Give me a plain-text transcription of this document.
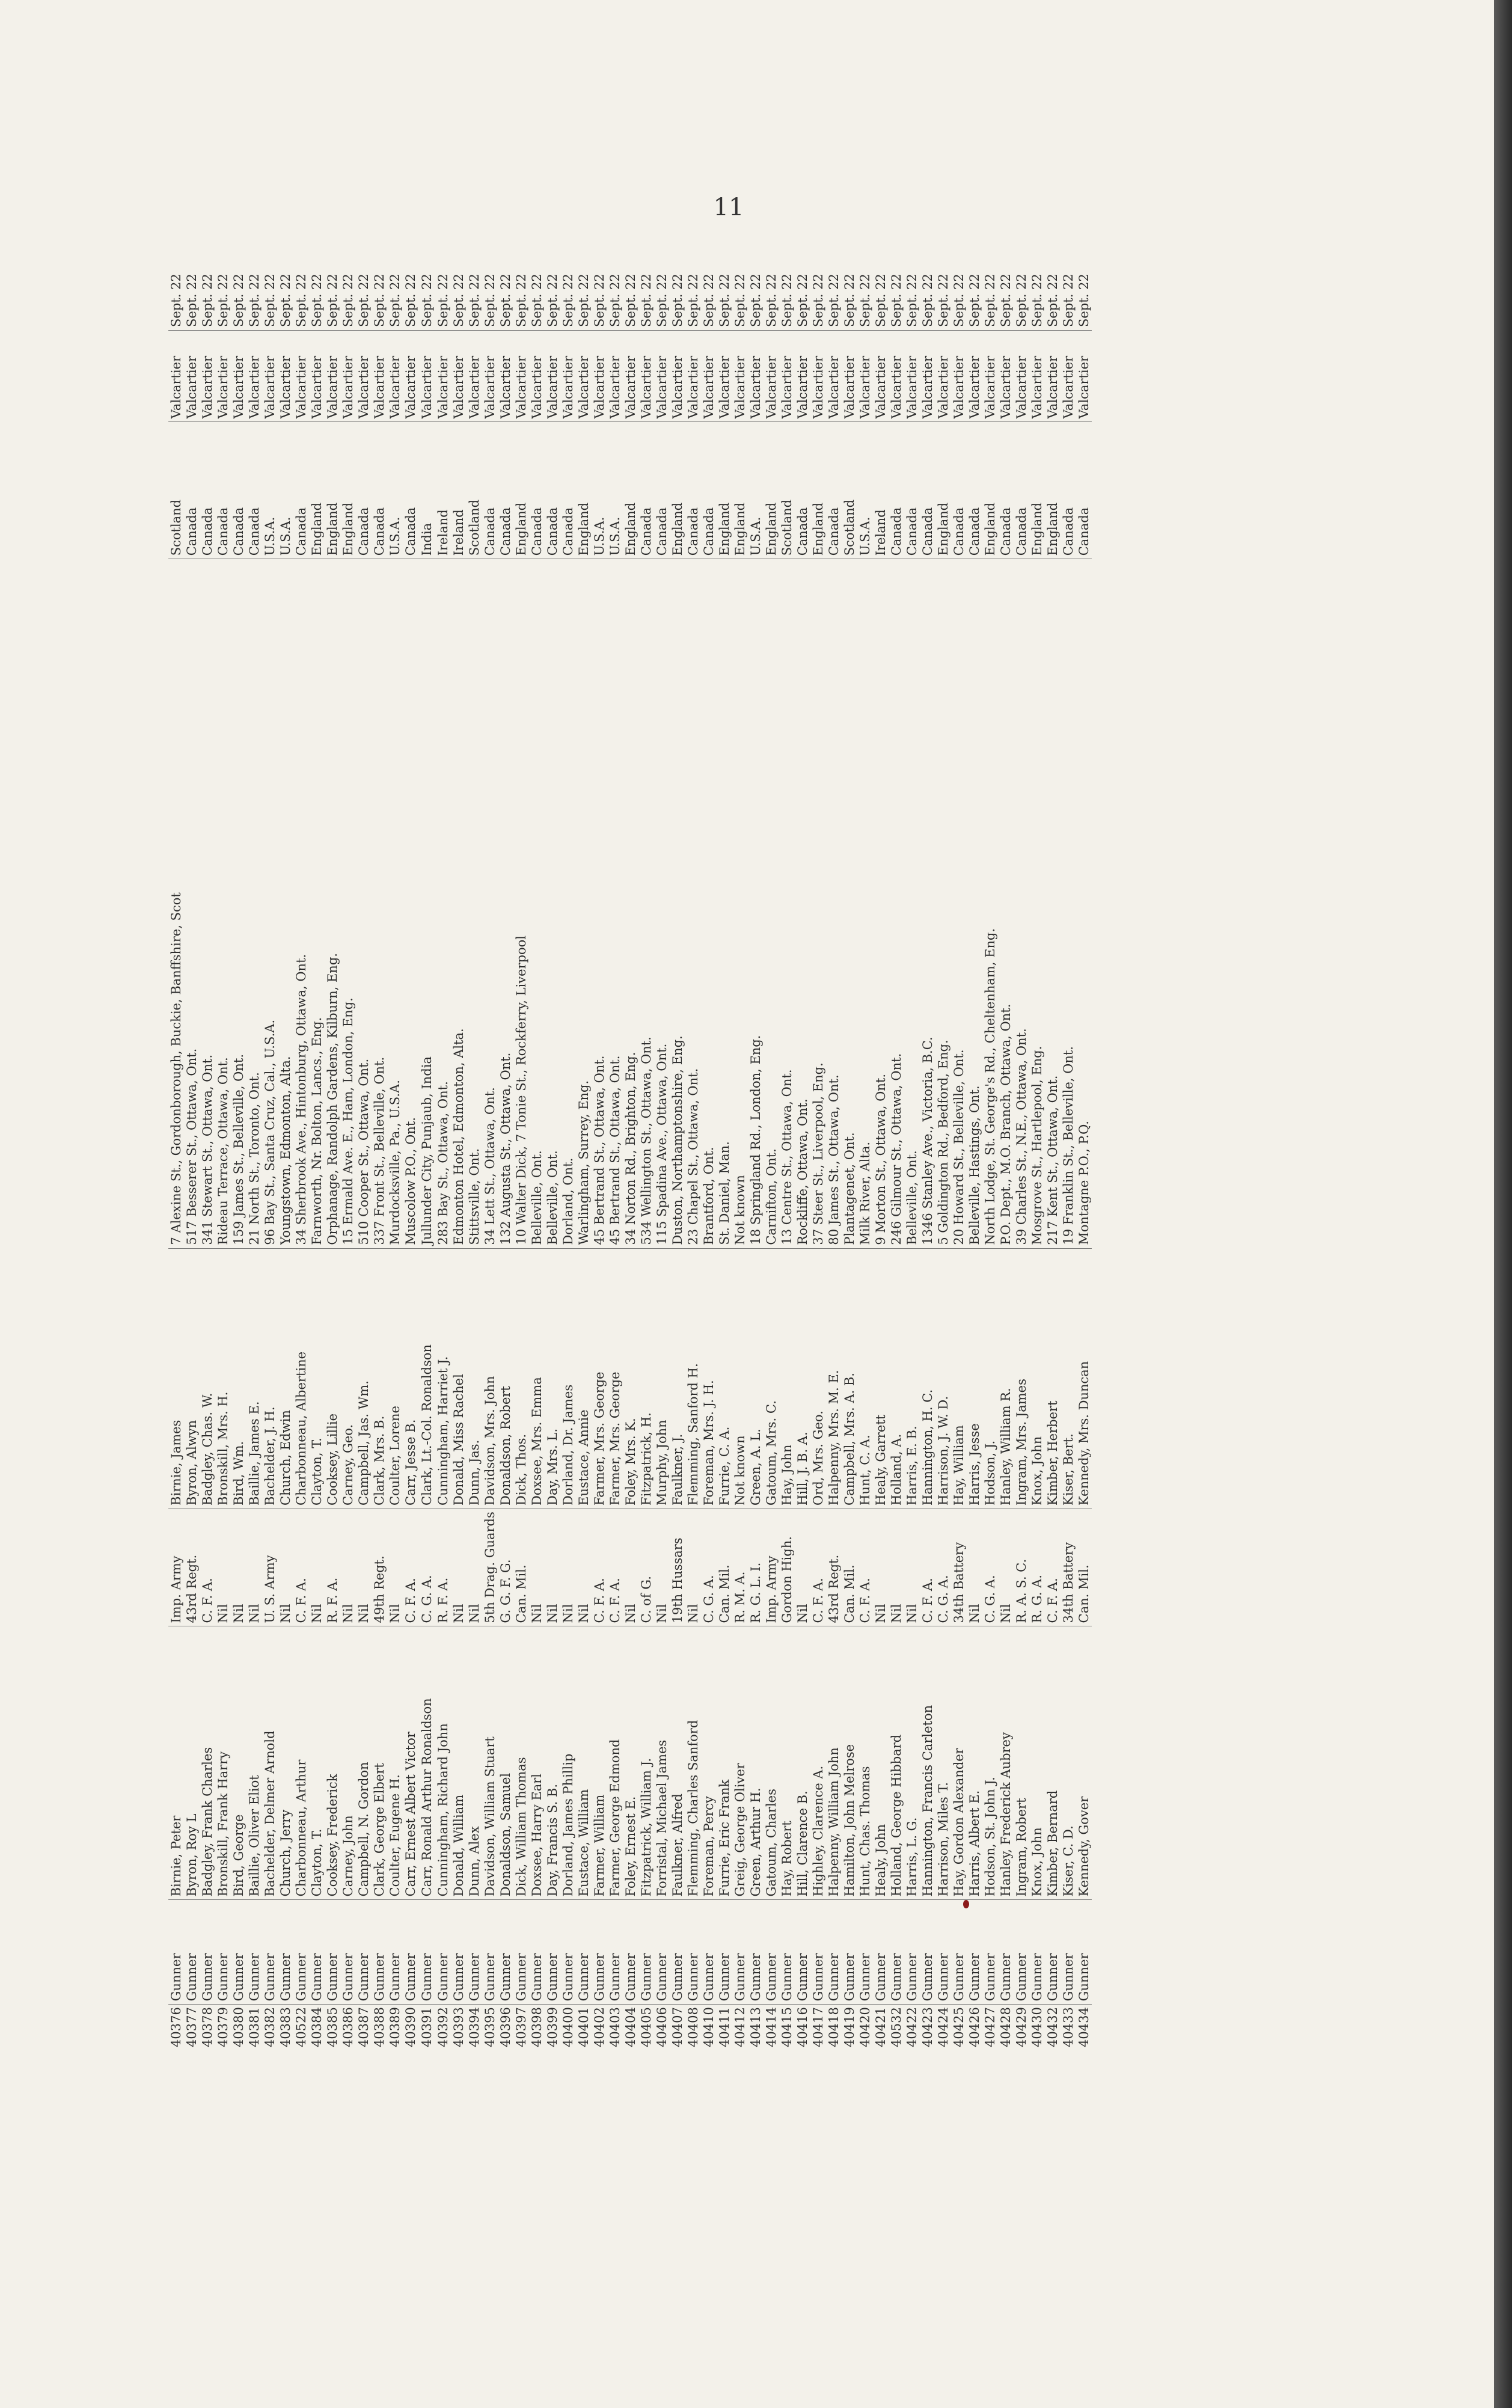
11
40376	Gunner	Birnie, Peter	Imp. Army	Birnie, James	7 Alexine St., Gordonborough, Buckie, Banffshire, Scot	Scotland	Valcartier	Sept. 22
40377	Gunner	Byron, Roy L	43rd Regt.	Byron, Alwyn	517 Besserer St., Ottawa, Ont.	Canada	Valcartier	Sept. 22
40378	Gunner	Badgley, Frank Charles	C. F. A.	Badgley, Chas. W.	341 Stewart St., Ottawa, Ont.	Canada	Valcartier	Sept. 22
40379	Gunner	Bronskill, Frank Harry	Nil	Bronskill, Mrs. H.	Rideau Terrace, Ottawa, Ont.	Canada	Valcartier	Sept. 22
40380	Gunner	Bird, George	Nil	Bird, Wm.	159 James St., Belleville, Ont.	Canada	Valcartier	Sept. 22
40381	Gunner	Baillie, Oliver Eliot	Nil	Baillie, James E.	21 North St., Toronto, Ont.	Canada	Valcartier	Sept. 22
40382	Gunner	Bachelder, Delmer Arnold	U. S. Army	Bachelder, J. H.	96 Bay St., Santa Cruz, Cal., U.S.A.	U.S.A.	Valcartier	Sept. 22
40383	Gunner	Church, Jerry	Nil	Church, Edwin	Youngstown, Edmonton, Alta.	U.S.A.	Valcartier	Sept. 22
40522	Gunner	Charbonneau, Arthur	C. F. A.	Charbonneau, Albertine	34 Sherbrook Ave., Hintonburg, Ottawa, Ont.	Canada	Valcartier	Sept. 22
40384	Gunner	Clayton, T.	Nil	Clayton, T.	Farnworth, Nr. Bolton, Lancs., Eng.	England	Valcartier	Sept. 22
40385	Gunner	Cooksey, Frederick	R. F. A.	Cooksey, Lillie	Orphanage, Randolph Gardens, Kilburn, Eng.	England	Valcartier	Sept. 22
40386	Gunner	Carney, John	Nil	Carney, Geo.	15 Ermald Ave. E., Ham, London, Eng.	England	Valcartier	Sept. 22
40387	Gunner	Campbell, N. Gordon	Nil	Campbell, Jas. Wm.	510 Cooper St., Ottawa, Ont.	Canada	Valcartier	Sept. 22
40388	Gunner	Clark, George Elbert	49th Regt.	Clark, Mrs. B.	337 Front St., Belleville, Ont.	Canada	Valcartier	Sept. 22
40389	Gunner	Coulter, Eugene H.	Nil	Coulter, Lorene	Murdocksville, Pa., U.S.A.	U.S.A.	Valcartier	Sept. 22
40390	Gunner	Carr, Ernest Albert Victor	C. F. A.	Carr, Jesse B.	Muscolow P.O., Ont.	Canada	Valcartier	Sept. 22
40391	Gunner	Carr, Ronald Arthur Ronaldson	C. G. A.	Clark, Lt.-Col. Ronaldson	Jullunder City, Punjaub, India	India	Valcartier	Sept. 22
40392	Gunner	Cunningham, Richard John	R. F. A.	Cunningham, Harriet J.	283 Bay St., Ottawa, Ont.	Ireland	Valcartier	Sept. 22
40393	Gunner	Donald, William	Nil	Donald, Miss Rachel	Edmonton Hotel, Edmonton, Alta.	Ireland	Valcartier	Sept. 22
40394	Gunner	Dunn, Alex	Nil	Dunn, Jas.	Stittsville, Ont.	Scotland	Valcartier	Sept. 22
40395	Gunner	Davidson, William Stuart	5th Drag. Guards	Davidson, Mrs. John	34 Lett St., Ottawa, Ont.	Canada	Valcartier	Sept. 22
40396	Gunner	Donaldson, Samuel	G. G. F. G.	Donaldson, Robert	132 Augusta St., Ottawa, Ont.	Canada	Valcartier	Sept. 22
40397	Gunner	Dick, William Thomas	Can. Mil.	Dick, Thos.	10 Walter Dick, 7 Tonie St., Rockferry, Liverpool	England	Valcartier	Sept. 22
40398	Gunner	Doxsee, Harry Earl	Nil	Doxsee, Mrs. Emma	Belleville, Ont.	Canada	Valcartier	Sept. 22
40399	Gunner	Day, Francis S. B.	Nil	Day, Mrs. L.	Belleville, Ont.	Canada	Valcartier	Sept. 22
40400	Gunner	Dorland, James Phillip	Nil	Dorland, Dr. James	Dorland, Ont.	Canada	Valcartier	Sept. 22
40401	Gunner	Eustace, William	Nil	Eustace, Annie	Warlingham, Surrey, Eng.	England	Valcartier	Sept. 22
40402	Gunner	Farmer, William	C. F. A.	Farmer, Mrs. George	45 Bertrand St., Ottawa, Ont.	U.S.A.	Valcartier	Sept. 22
40403	Gunner	Farmer, George Edmond	C. F. A.	Farmer, Mrs. George	45 Bertrand St., Ottawa, Ont.	U.S.A.	Valcartier	Sept. 22
40404	Gunner	Foley, Ernest E.	Nil	Foley, Mrs. K.	34 Norton Rd., Brighton, Eng.	England	Valcartier	Sept. 22
40405	Gunner	Fitzpatrick, William J.	C. of G.	Fitzpatrick, H.	534 Wellington St., Ottawa, Ont.	Canada	Valcartier	Sept. 22
40406	Gunner	Forristal, Michael James	Nil	Murphy, John	115 Spadina Ave., Ottawa, Ont.	Canada	Valcartier	Sept. 22
40407	Gunner	Faulkner, Alfred	19th Hussars	Faulkner, J.	Duston, Northamptonshire, Eng.	England	Valcartier	Sept. 22
40408	Gunner	Flemming, Charles Sanford	Nil	Flemming, Sanford H.	23 Chapel St., Ottawa, Ont.	Canada	Valcartier	Sept. 22
40410	Gunner	Foreman, Percy	C. G. A.	Foreman, Mrs. J. H.	Brantford, Ont.	Canada	Valcartier	Sept. 22
40411	Gunner	Furrie, Eric Frank	Can. Mil.	Furrie, C. A.	St. Daniel, Man.	England	Valcartier	Sept. 22
40412	Gunner	Greig, George Oliver	R. M. A.	Not known	Not known	England	Valcartier	Sept. 22
40413	Gunner	Green, Arthur H.	R. G. L. I.	Green, A. L.	18 Springland Rd., London, Eng.	U.S.A.	Valcartier	Sept. 22
40414	Gunner	Gatoum, Charles	Imp. Army	Gatoum, Mrs. C.	Carnifton, Ont.	England	Valcartier	Sept. 22
40415	Gunner	Hay, Robert	Gordon High.	Hay, John	13 Centre St., Ottawa, Ont.	Scotland	Valcartier	Sept. 22
40416	Gunner	Hill, Clarence B.	Nil	Hill, J. B. A.	Rockliffe, Ottawa, Ont.	Canada	Valcartier	Sept. 22
40417	Gunner	Highley, Clarence A.	C. F. A.	Ord, Mrs. Geo.	37 Steer St., Liverpool, Eng.	England	Valcartier	Sept. 22
40418	Gunner	Halpenny, William John	43rd Regt.	Halpenny, Mrs. M. E.	80 James St., Ottawa, Ont.	Canada	Valcartier	Sept. 22
40419	Gunner	Hamilton, John Melrose	Can. Mil.	Campbell, Mrs. A. B.	Plantagenet, Ont.	Scotland	Valcartier	Sept. 22
40420	Gunner	Hunt, Chas. Thomas	C. F. A.	Hunt, C. A.	Milk River, Alta.	U.S.A.	Valcartier	Sept. 22
40421	Gunner	Healy, John	Nil	Healy, Garrett	9 Morton St., Ottawa, Ont.	Ireland	Valcartier	Sept. 22
40532	Gunner	Holland, George Hibbard	Nil	Holland, A.	246 Gilmour St., Ottawa, Ont.	Canada	Valcartier	Sept. 22
40422	Gunner	Harris, L. G.	Nil	Harris, E. B.	Belleville, Ont.	Canada	Valcartier	Sept. 22
40423	Gunner	Hannington, Francis Carleton	C. F. A.	Hannington, H. C.	1346 Stanley Ave., Victoria, B.C.	Canada	Valcartier	Sept. 22
40424	Gunner	Harrison, Miles T.	C. G. A.	Harrison, J. W. D.	5 Goldington Rd., Bedford, Eng.	England	Valcartier	Sept. 22
40425	Gunner	Hay, Gordon Alexander	34th Battery	Hay, William	20 Howard St., Belleville, Ont.	Canada	Valcartier	Sept. 22
40426	Gunner	Harris, Albert E.	Nil	Harris, Jesse	Belleville, Hastings, Ont.	Canada	Valcartier	Sept. 22
40427	Gunner	Hodson, St. John J.	C. G. A.	Hodson, J.	North Lodge, St. George's Rd., Cheltenham, Eng.	England	Valcartier	Sept. 22
40428	Gunner	Hanley, Frederick Aubrey	Nil	Hanley, William R.	P.O. Dept., M.O. Branch, Ottawa, Ont.	Canada	Valcartier	Sept. 22
40429	Gunner	Ingram, Robert	R. A. S. C.	Ingram, Mrs. James	39 Charles St., N.E., Ottawa, Ont.	Canada	Valcartier	Sept. 22
40430	Gunner	Knox, John	R. G. A.	Knox, John	Mosgrove St., Hartlepool, Eng.	England	Valcartier	Sept. 22
40432	Gunner	Kimber, Bernard	C. F. A.	Kimber, Herbert	217 Kent St., Ottawa, Ont.	England	Valcartier	Sept. 22
40433	Gunner	Kiser, C. D.	34th Battery	Kiser, Bert.	19 Franklin St., Belleville, Ont.	Canada	Valcartier	Sept. 22
40434	Gunner	Kennedy, Gover	Can. Mil.	Kennedy, Mrs. Duncan	Montagne P.O., P.Q.	Canada	Valcartier	Sept. 22
